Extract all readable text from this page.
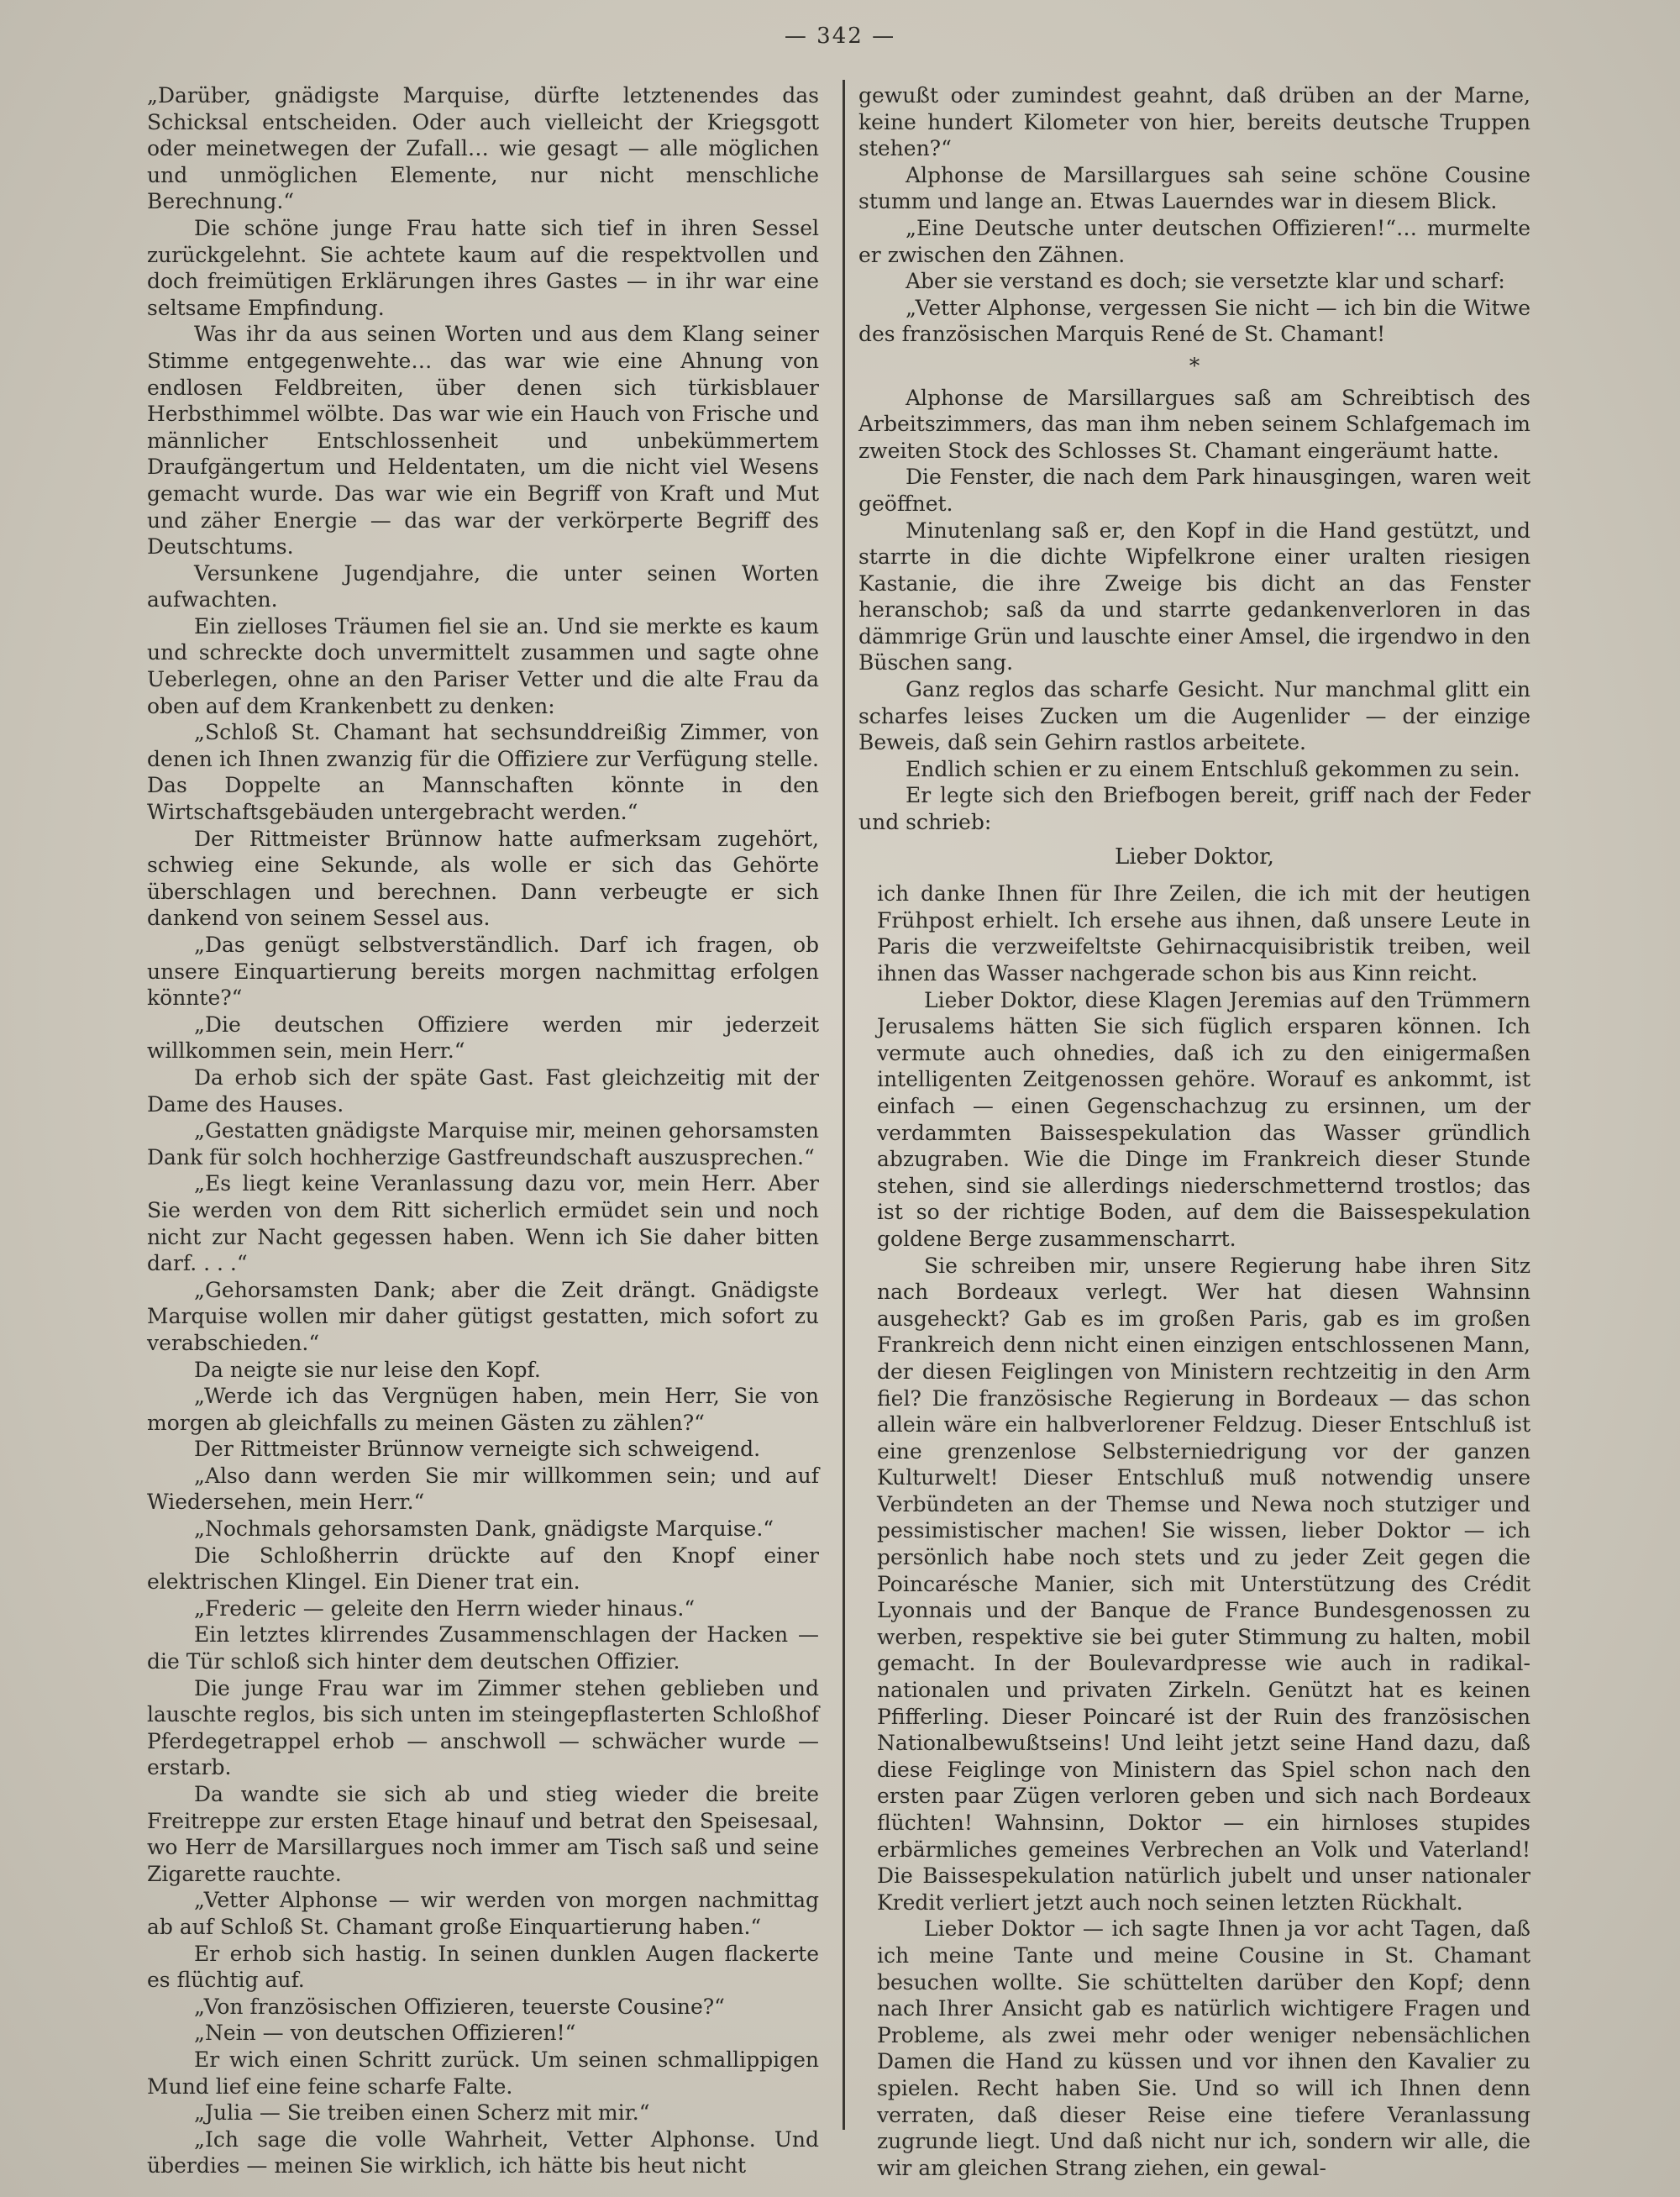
— 342 —

„Darüber, gnädigste Marquise, dürfte letztenendes das Schicksal entscheiden. Oder auch vielleicht der Kriegsgott oder meinetwegen der Zufall… wie gesagt — alle möglichen und unmöglichen Elemente, nur nicht menschliche Berechnung.“

Die schöne junge Frau hatte sich tief in ihren Sessel zurückgelehnt. Sie achtete kaum auf die respektvollen und doch freimütigen Erklärungen ihres Gastes — in ihr war eine seltsame Empfindung.

Was ihr da aus seinen Worten und aus dem Klang seiner Stimme entgegenwehte… das war wie eine Ahnung von endlosen Feldbreiten, über denen sich türkisblauer Herbsthimmel wölbte. Das war wie ein Hauch von Frische und männlicher Entschlossenheit und unbekümmertem Draufgängertum und Heldentaten, um die nicht viel Wesens gemacht wurde. Das war wie ein Begriff von Kraft und Mut und zäher Energie — das war der verkörperte Begriff des Deutschtums.

Versunkene Jugendjahre, die unter seinen Worten aufwachten.

Ein zielloses Träumen fiel sie an. Und sie merkte es kaum und schreckte doch unvermittelt zusammen und sagte ohne Ueberlegen, ohne an den Pariser Vetter und die alte Frau da oben auf dem Krankenbett zu denken:

„Schloß St. Chamant hat sechsunddreißig Zimmer, von denen ich Ihnen zwanzig für die Offiziere zur Verfügung stelle. Das Doppelte an Mannschaften könnte in den Wirtschaftsgebäuden untergebracht werden.“

Der Rittmeister Brünnow hatte aufmerksam zugehört, schwieg eine Sekunde, als wolle er sich das Gehörte überschlagen und berechnen. Dann verbeugte er sich dankend von seinem Sessel aus.

„Das genügt selbstverständlich. Darf ich fragen, ob unsere Einquartierung bereits morgen nachmittag erfolgen könnte?“

„Die deutschen Offiziere werden mir jederzeit willkommen sein, mein Herr.“

Da erhob sich der späte Gast. Fast gleichzeitig mit der Dame des Hauses.

„Gestatten gnädigste Marquise mir, meinen gehorsamsten Dank für solch hochherzige Gastfreundschaft auszusprechen.“

„Es liegt keine Veranlassung dazu vor, mein Herr. Aber Sie werden von dem Ritt sicherlich ermüdet sein und noch nicht zur Nacht gegessen haben. Wenn ich Sie daher bitten darf. . . .“

„Gehorsamsten Dank; aber die Zeit drängt. Gnädigste Marquise wollen mir daher gütigst gestatten, mich sofort zu verabschieden.“

Da neigte sie nur leise den Kopf.

„Werde ich das Vergnügen haben, mein Herr, Sie von morgen ab gleichfalls zu meinen Gästen zu zählen?“

Der Rittmeister Brünnow verneigte sich schweigend.

„Also dann werden Sie mir willkommen sein; und auf Wiedersehen, mein Herr.“

„Nochmals gehorsamsten Dank, gnädigste Marquise.“

Die Schloßherrin drückte auf den Knopf einer elektrischen Klingel. Ein Diener trat ein.

„Frederic — geleite den Herrn wieder hinaus.“

Ein letztes klirrendes Zusammenschlagen der Hacken — die Tür schloß sich hinter dem deutschen Offizier.

Die junge Frau war im Zimmer stehen geblieben und lauschte reglos, bis sich unten im steingepflasterten Schloßhof Pferdegetrappel erhob — anschwoll — schwächer wurde — erstarb.

Da wandte sie sich ab und stieg wieder die breite Freitreppe zur ersten Etage hinauf und betrat den Speisesaal, wo Herr de Marsillargues noch immer am Tisch saß und seine Zigarette rauchte.

„Vetter Alphonse — wir werden von morgen nachmittag ab auf Schloß St. Chamant große Einquartierung haben.“

Er erhob sich hastig. In seinen dunklen Augen flackerte es flüchtig auf.

„Von französischen Offizieren, teuerste Cousine?“

„Nein — von deutschen Offizieren!“

Er wich einen Schritt zurück. Um seinen schmallippigen Mund lief eine feine scharfe Falte.

„Julia — Sie treiben einen Scherz mit mir.“

„Ich sage die volle Wahrheit, Vetter Alphonse. Und überdies — meinen Sie wirklich, ich hätte bis heut nicht

gewußt oder zumindest geahnt, daß drüben an der Marne, keine hundert Kilometer von hier, bereits deutsche Truppen stehen?“

Alphonse de Marsillargues sah seine schöne Cousine stumm und lange an. Etwas Lauerndes war in diesem Blick.

„Eine Deutsche unter deutschen Offizieren!“… murmelte er zwischen den Zähnen.

Aber sie verstand es doch; sie versetzte klar und scharf:

„Vetter Alphonse, vergessen Sie nicht — ich bin die Witwe des französischen Marquis René de St. Chamant!

*

Alphonse de Marsillargues saß am Schreibtisch des Arbeitszimmers, das man ihm neben seinem Schlafgemach im zweiten Stock des Schlosses St. Chamant eingeräumt hatte.

Die Fenster, die nach dem Park hinausgingen, waren weit geöffnet.

Minutenlang saß er, den Kopf in die Hand gestützt, und starrte in die dichte Wipfelkrone einer uralten riesigen Kastanie, die ihre Zweige bis dicht an das Fenster heranschob; saß da und starrte gedankenverloren in das dämmrige Grün und lauschte einer Amsel, die irgendwo in den Büschen sang.

Ganz reglos das scharfe Gesicht. Nur manchmal glitt ein scharfes leises Zucken um die Augenlider — der einzige Beweis, daß sein Gehirn rastlos arbeitete.

Endlich schien er zu einem Entschluß gekommen zu sein.

Er legte sich den Briefbogen bereit, griff nach der Feder und schrieb:

Lieber Doktor,

ich danke Ihnen für Ihre Zeilen, die ich mit der heutigen Frühpost erhielt. Ich ersehe aus ihnen, daß unsere Leute in Paris die verzweifeltste Gehirnacquisibristik treiben, weil ihnen das Wasser nachgerade schon bis aus Kinn reicht.

Lieber Doktor, diese Klagen Jeremias auf den Trümmern Jerusalems hätten Sie sich füglich ersparen können. Ich vermute auch ohnedies, daß ich zu den einigermaßen intelligenten Zeitgenossen gehöre. Worauf es ankommt, ist einfach — einen Gegenschachzug zu ersinnen, um der verdammten Baissespekulation das Wasser gründlich abzugraben. Wie die Dinge im Frankreich dieser Stunde stehen, sind sie allerdings niederschmetternd trostlos; das ist so der richtige Boden, auf dem die Baissespekulation goldene Berge zusammenscharrt.

Sie schreiben mir, unsere Regierung habe ihren Sitz nach Bordeaux verlegt. Wer hat diesen Wahnsinn ausgeheckt? Gab es im großen Paris, gab es im großen Frankreich denn nicht einen einzigen entschlossenen Mann, der diesen Feiglingen von Ministern rechtzeitig in den Arm fiel? Die französische Regierung in Bordeaux — das schon allein wäre ein halbverlorener Feldzug. Dieser Entschluß ist eine grenzenlose Selbsterniedrigung vor der ganzen Kulturwelt! Dieser Entschluß muß notwendig unsere Verbündeten an der Themse und Newa noch stutziger und pessimistischer machen! Sie wissen, lieber Doktor — ich persönlich habe noch stets und zu jeder Zeit gegen die Poincarésche Manier, sich mit Unterstützung des Crédit Lyonnais und der Banque de France Bundesgenossen zu werben, respektive sie bei guter Stimmung zu halten, mobil gemacht. In der Boulevardpresse wie auch in radikal-nationalen und privaten Zirkeln. Genützt hat es keinen Pfifferling. Dieser Poincaré ist der Ruin des französischen Nationalbewußtseins! Und leiht jetzt seine Hand dazu, daß diese Feiglinge von Ministern das Spiel schon nach den ersten paar Zügen verloren geben und sich nach Bordeaux flüchten! Wahnsinn, Doktor — ein hirnloses stupides erbärmliches gemeines Verbrechen an Volk und Vaterland! Die Baissespekulation natürlich jubelt und unser nationaler Kredit verliert jetzt auch noch seinen letzten Rückhalt.

Lieber Doktor — ich sagte Ihnen ja vor acht Tagen, daß ich meine Tante und meine Cousine in St. Chamant besuchen wollte. Sie schüttelten darüber den Kopf; denn nach Ihrer Ansicht gab es natürlich wichtigere Fragen und Probleme, als zwei mehr oder weniger nebensächlichen Damen die Hand zu küssen und vor ihnen den Kavalier zu spielen. Recht haben Sie. Und so will ich Ihnen denn verraten, daß dieser Reise eine tiefere Veranlassung zugrunde liegt. Und daß nicht nur ich, sondern wir alle, die wir am gleichen Strang ziehen, ein gewal-
